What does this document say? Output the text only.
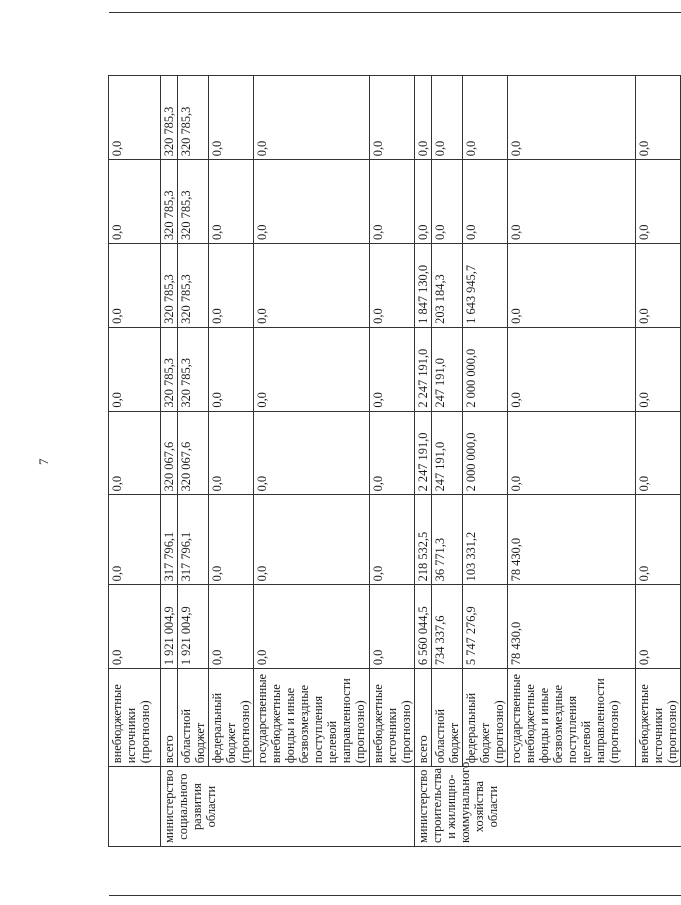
7
		внебюджетные источники (прогнозно)	0,0	0,0	0,0	0,0	0,0	0,0	0,0	
	министерство социального развития области	всего	1 921 004,9	317 796,1	320 067,6	320 785,3	320 785,3	320 785,3	320 785,3	
		областной бюджет	1 921 004,9	317 796,1	320 067,6	320 785,3	320 785,3	320 785,3	320 785,3	
		федеральный бюджет (прогнозно)	0,0	0,0	0,0	0,0	0,0	0,0	0,0	
		государственные внебюджетные фонды и иные безвозмездные поступления целевой направленности (прогнозно)	0,0	0,0	0,0	0,0	0,0	0,0	0,0	
		внебюджетные источники (прогнозно)	0,0	0,0	0,0	0,0	0,0	0,0	0,0	
	министерство строительства и жилищно-коммунального хозяйства области	всего	6 560 044,5	218 532,5	2 247 191,0	2 247 191,0	1 847 130,0	0,0	0,0	
		областной бюджет	734 337,6	36 771,3	247 191,0	247 191,0	203 184,3	0,0	0,0	
		федеральный бюджет (прогнозно)	5 747 276,9	103 331,2	2 000 000,0	2 000 000,0	1 643 945,7	0,0	0,0	
		государственные внебюджетные фонды и иные безвозмездные поступления целевой направленности (прогнозно)	78 430,0	78 430,0	0,0	0,0	0,0	0,0	0,0	
		внебюджетные источники (прогнозно)	0,0	0,0	0,0	0,0	0,0	0,0	0,0	
